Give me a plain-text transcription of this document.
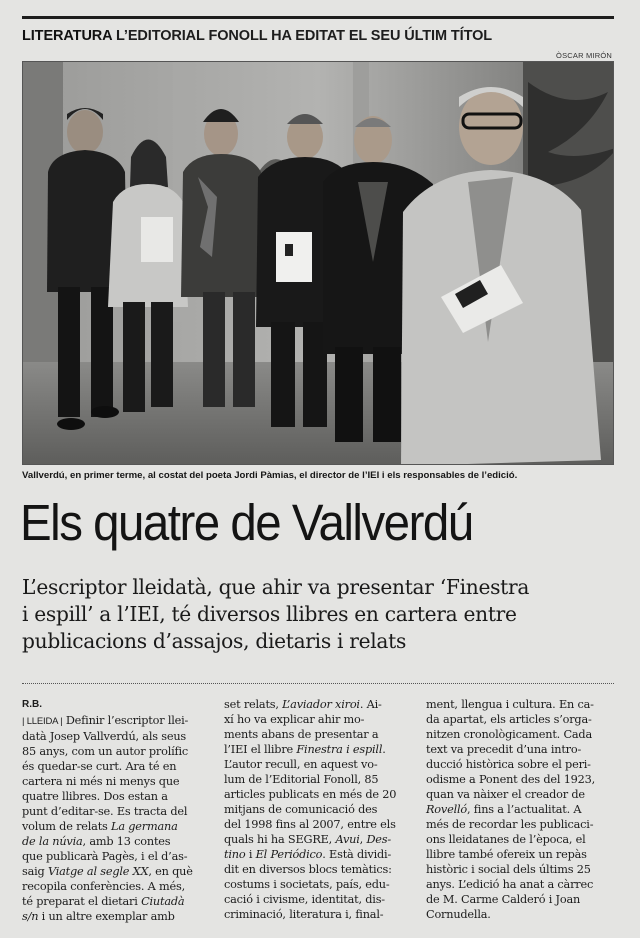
LITERATURA L’EDITORIAL FONOLL HA EDITAT EL SEU ÚLTIM TÍTOL
ÒSCAR MIRÓN
Vallverdú, en primer terme, al costat del poeta Jordi Pàmias, el director de l’IEI i els responsables de l’edició.
Els quatre de Vallverdú
L’escriptor lleidatà, que ahir va presentar ‘Finestra
i espill’ a l’IEI, té diversos llibres en cartera entre
publicacions d’assajos, dietaris i relats
R.B.
| LLEIDA | Definir l’escriptor llei-
datà Josep Vallverdú, als seus
85 anys, com un autor prolífic
és quedar-se curt. Ara té en
cartera ni més ni menys que
quatre llibres. Dos estan a
punt d’editar-se. Es tracta del
volum de relats La germana
de la núvia, amb 13 contes
que publicarà Pagès, i el d’as-
saig Viatge al segle XX, en què
recopila conferències. A més,
té preparat el dietari Ciutadà
s/n i un altre exemplar amb
set relats, L’aviador xiroi. Ai-
xí ho va explicar ahir mo-
ments abans de presentar a
l’IEI el llibre Finestra i espill.
L’autor recull, en aquest vo-
lum de l’Editorial Fonoll, 85
articles publicats en més de 20
mitjans de comunicació des
del 1998 fins al 2007, entre els
quals hi ha SEGRE, Avui, Des-
tino i El Periódico. Està dividi-
dit en diversos blocs temàtics:
costums i societats, país, edu-
cació i civisme, identitat, dis-
criminació, literatura i, final-
ment, llengua i cultura. En ca-
da apartat, els articles s’orga-
nitzen cronològicament. Cada
text va precedit d’una intro-
ducció històrica sobre el peri-
odisme a Ponent des del 1923,
quan va nàixer el creador de
Rovelló, fins a l’actualitat. A
més de recordar les publicaci-
ons lleidatanes de l’època, el
llibre també ofereix un repàs
històric i social dels últims 25
anys. L’edició ha anat a càrrec
de M. Carme Calderó i Joan
Cornudella.
